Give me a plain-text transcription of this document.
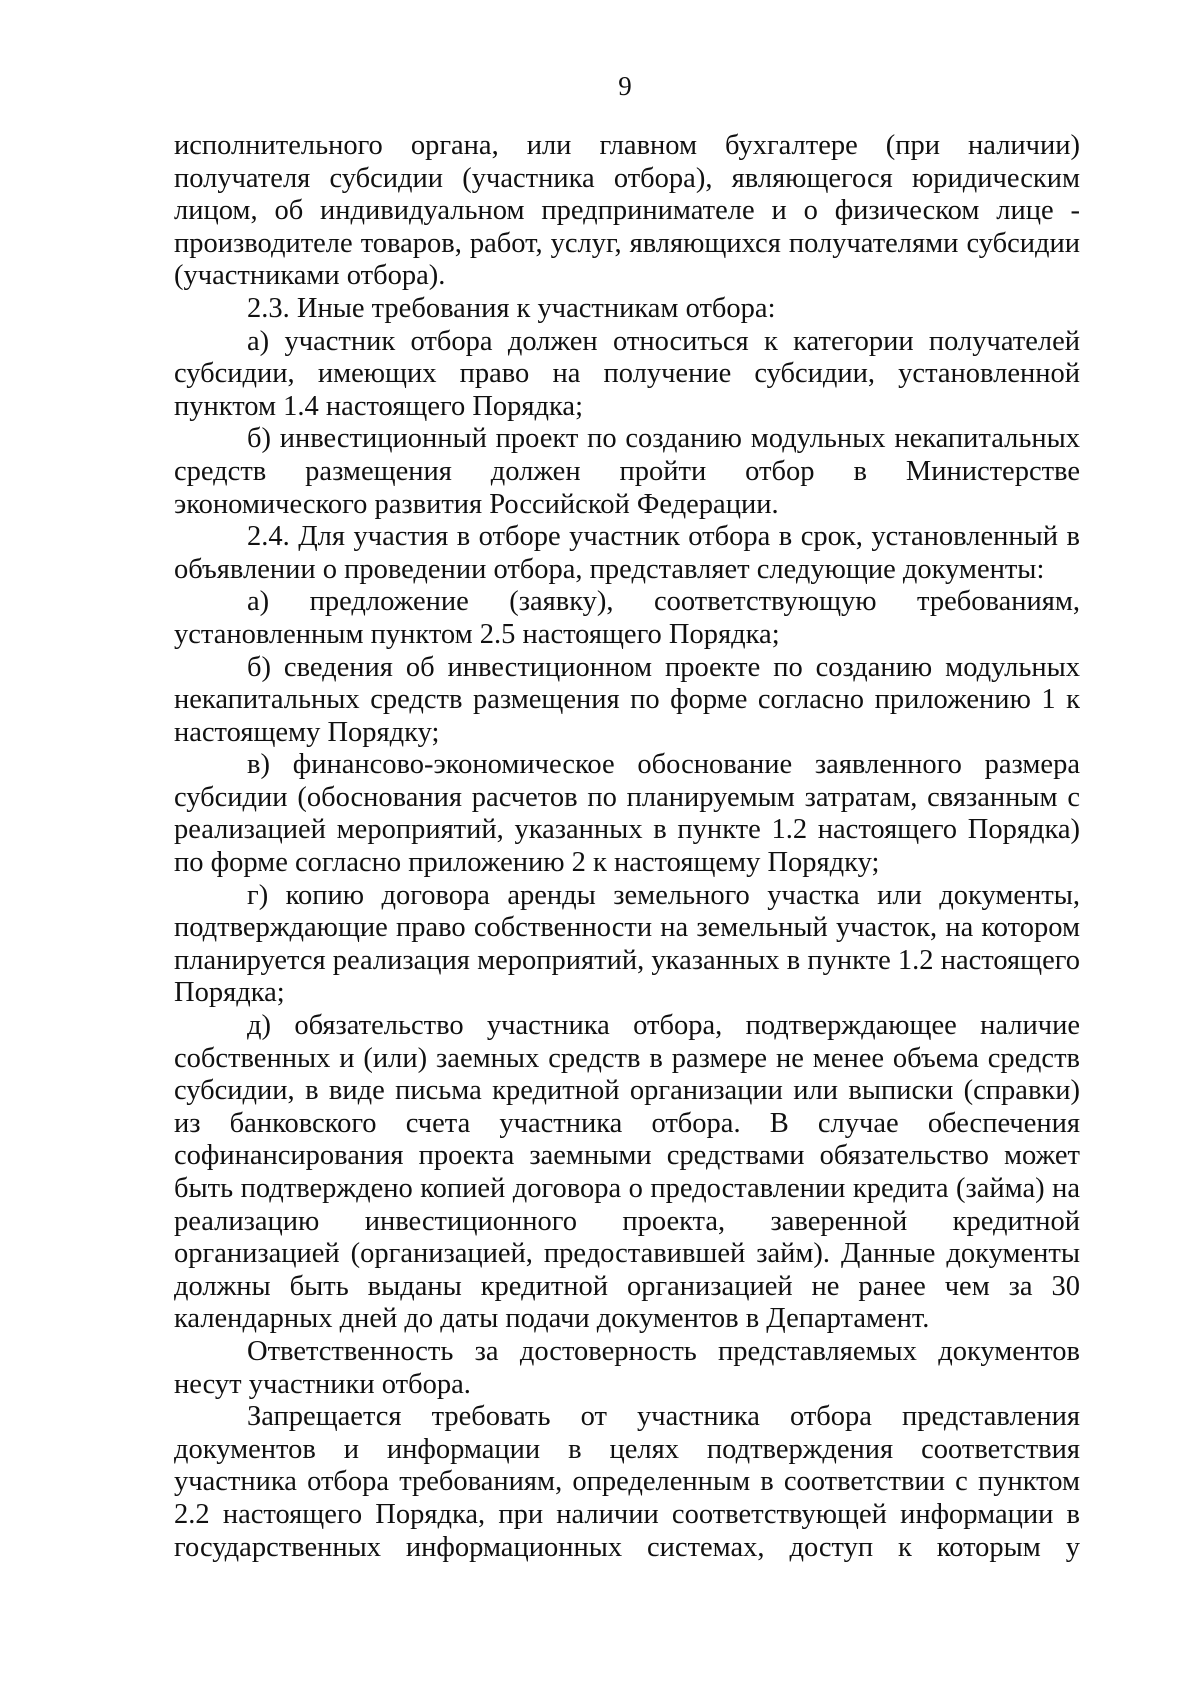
9

исполнительного органа, или главном бухгалтере (при наличии) получателя субсидии (участника отбора), являющегося юридическим лицом, об индивидуальном предпринимателе и о физическом лице - производителе товаров, работ, услуг, являющихся получателями субсидии (участниками отбора).

2.3. Иные требования к участникам отбора:

а) участник отбора должен относиться к категории получателей субсидии, имеющих право на получение субсидии, установленной пунктом 1.4 настоящего Порядка;

б) инвестиционный проект по созданию модульных некапитальных средств размещения должен пройти отбор в Министерстве экономического развития Российской Федерации.

2.4. Для участия в отборе участник отбора в срок, установленный в объявлении о проведении отбора, представляет следующие документы:

а) предложение (заявку), соответствующую требованиям, установленным пунктом 2.5 настоящего Порядка;

б) сведения об инвестиционном проекте по созданию модульных некапитальных средств размещения по форме согласно приложению 1 к настоящему Порядку;

в) финансово-экономическое обоснование заявленного размера субсидии (обоснования расчетов по планируемым затратам, связанным с реализацией мероприятий, указанных в пункте 1.2 настоящего Порядка) по форме согласно приложению 2 к настоящему Порядку;

г) копию договора аренды земельного участка или документы, подтверждающие право собственности на земельный участок, на котором планируется реализация мероприятий, указанных в пункте 1.2 настоящего Порядка;

д) обязательство участника отбора, подтверждающее наличие собственных и (или) заемных средств в размере не менее объема средств субсидии, в виде письма кредитной организации или выписки (справки) из банковского счета участника отбора. В случае обеспечения софинансирования проекта заемными средствами обязательство может быть подтверждено копией договора о предоставлении кредита (займа) на реализацию инвестиционного проекта, заверенной кредитной организацией (организацией, предоставившей займ). Данные документы должны быть выданы кредитной организацией не ранее чем за 30 календарных дней до даты подачи документов в Департамент.

Ответственность за достоверность представляемых документов несут участники отбора.

Запрещается требовать от участника отбора представления документов и информации в целях подтверждения соответствия участника отбора требованиям, определенным в соответствии с пунктом 2.2 настоящего Порядка, при наличии соответствующей информации в государственных информационных системах, доступ к которым у
